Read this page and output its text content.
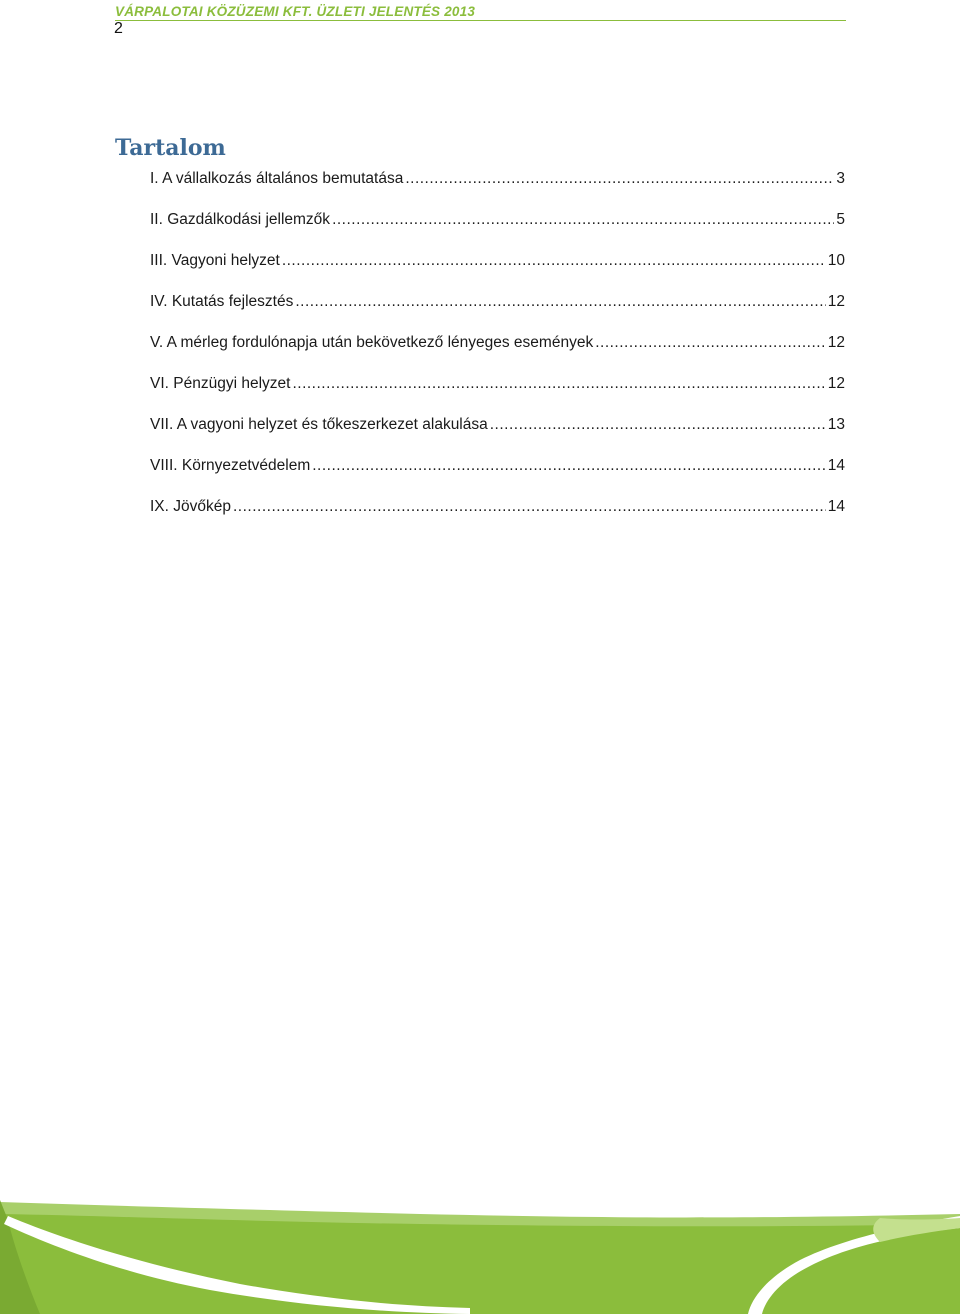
VÁRPALOTAI KÖZÜZEMI KFT. ÜZLETI JELENTÉS 2013
2
Tartalom
I. A vállalkozás általános bemutatása .....	3
II. Gazdálkodási jellemzők .....	5
III. Vagyoni helyzet .....	10
IV. Kutatás fejlesztés .....	12
V. A mérleg fordulónapja után bekövetkező lényeges események .....	12
VI. Pénzügyi helyzet .....	12
VII. A vagyoni helyzet és tőkeszerkezet alakulása .....	13
VIII. Környezetvédelem .....	14
IX. Jövőkép .....	14
